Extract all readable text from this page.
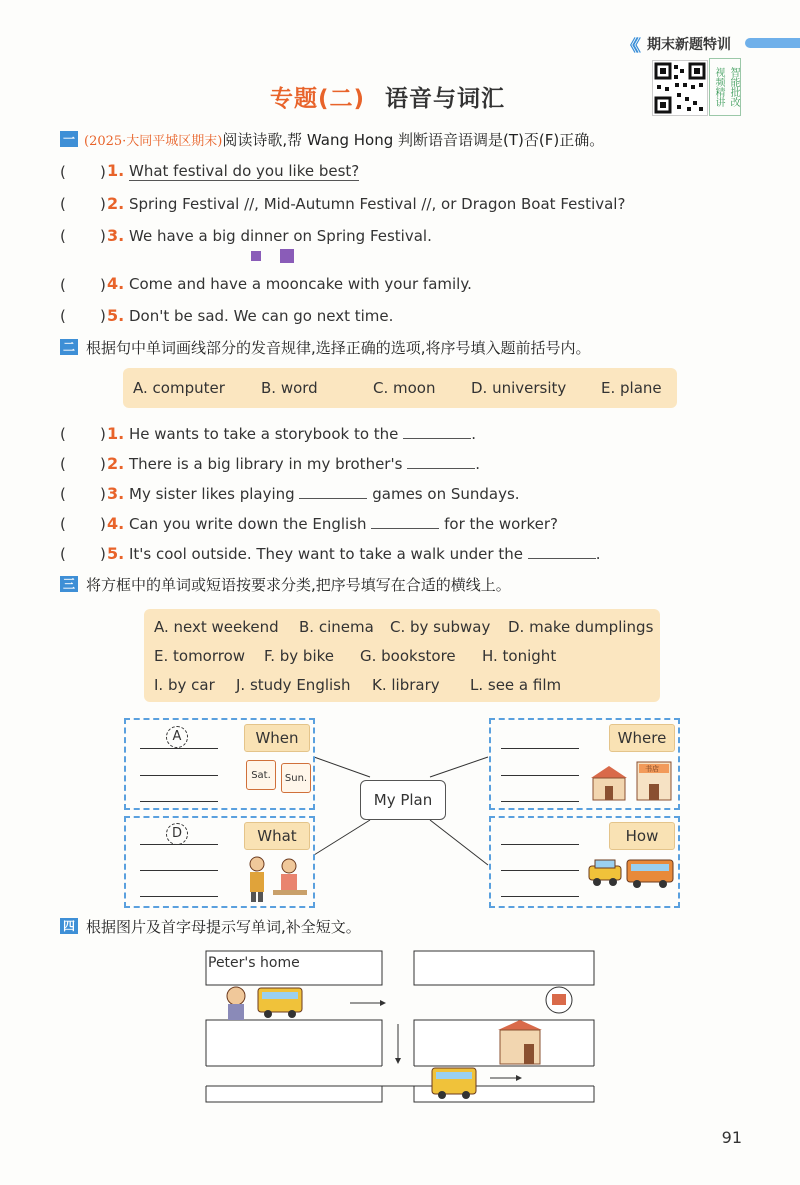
《《 期末新题特训
专题(二) 语音与词汇
视频精讲
智能批改
一 (2025·大同平城区期末)阅读诗歌,帮 Wang Hong 判断语音语调是(T)否(F)正确。
( ) 1. What festival do you like best?
( ) 2. Spring Festival //, Mid-Autumn Festival //, or Dragon Boat Festival?
( ) 3. We have a big dinner on Spring Festival.
( ) 4. Come and have a mooncake with your family.
( ) 5. Don't be sad. We can go next time.
二 根据句中单词画线部分的发音规律,选择正确的选项,将序号填入题前括号内。
A. computer B. word	C. moon D. university E. plane
( ) 1. He wants to take a storybook to the	.
( ) 2. There is a big library in my brother's	.
( ) 3. My sister likes playing	games on Sundays.
( ) 4. Can you write down the English	for the worker?
( ) 5. It's cool outside. They want to take a walk under the	.
三 将方框中的单词或短语按要求分类,把序号填写在合适的横线上。
A. next weekend B. cinema C. by subway D. make dumplings
E. tomorrow F. by bike G. bookstore H. tonight
I. by car J. study English K. library L. see a film
A	When
Sat.	Sun.
D	What
My Plan
Where
书店
How
四 根据图片及首字母提示写单词,补全短文。
Peter's home
91
